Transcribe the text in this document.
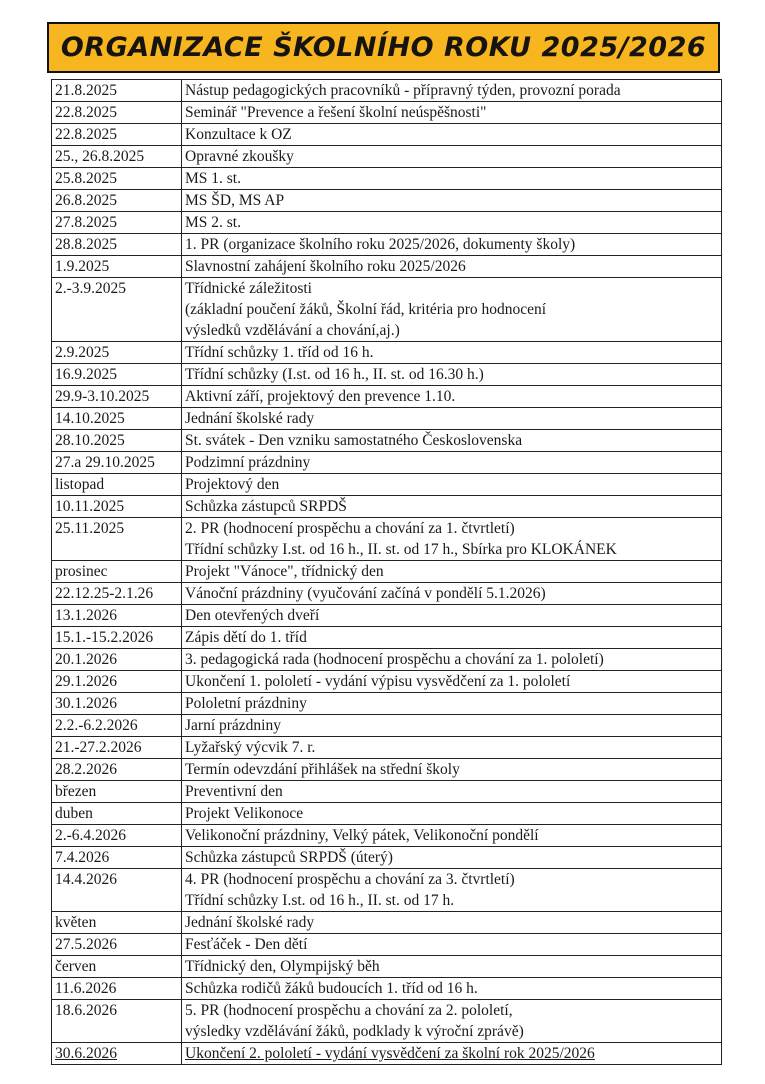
ORGANIZACE ŠKOLNÍHO ROKU 2025/2026
21.8.2025	Nástup pedagogických pracovníků - přípravný týden, provozní porada

22.8.2025	Seminář "Prevence a řešení školní neúspěšnosti"

22.8.2025	Konzultace k OZ

25., 26.8.2025	Opravné zkoušky

25.8.2025	MS 1. st.

26.8.2025	MS ŠD, MS AP

27.8.2025	MS 2. st.

28.8.2025	1. PR (organizace školního roku 2025/2026, dokumenty školy)

1.9.2025	Slavnostní zahájení školního roku 2025/2026

2.-3.9.2025	Třídnické záležitosti
(základní poučení žáků, Školní řád, kritéria pro hodnocení
výsledků vzdělávání a chování,aj.)

2.9.2025	Třídní schůzky 1. tříd od 16 h.

16.9.2025	Třídní schůzky (I.st. od 16 h., II. st. od 16.30 h.)

29.9-3.10.2025	Aktivní září, projektový den prevence 1.10.

14.10.2025	Jednání školské rady

28.10.2025	St. svátek - Den vzniku samostatného Československa

27.a 29.10.2025	Podzimní prázdniny

listopad	Projektový den

10.11.2025	Schůzka zástupců SRPDŠ

25.11.2025	2. PR (hodnocení prospěchu a chování za 1. čtvrtletí)
Třídní schůzky I.st. od 16 h., II. st. od 17 h., Sbírka pro KLOKÁNEK

prosinec	Projekt "Vánoce", třídnický den

22.12.25-2.1.26	Vánoční prázdniny (vyučování začíná v pondělí 5.1.2026)

13.1.2026	Den otevřených dveří

15.1.-15.2.2026	Zápis dětí do 1. tříd

20.1.2026	3. pedagogická rada (hodnocení prospěchu a chování za 1. pololetí)

29.1.2026	Ukončení 1. pololetí - vydání výpisu vysvědčení za 1. pololetí

30.1.2026	Pololetní prázdniny

2.2.-6.2.2026	Jarní prázdniny

21.-27.2.2026	Lyžařský výcvik 7. r.

28.2.2026	Termín odevzdání přihlášek na střední školy

březen	Preventivní den

duben	Projekt Velikonoce

2.-6.4.2026	Velikonoční prázdniny, Velký pátek, Velikonoční pondělí

7.4.2026	Schůzka zástupců SRPDŠ (úterý)

14.4.2026	4. PR (hodnocení prospěchu a chování za 3. čtvrtletí)
Třídní schůzky I.st. od 16 h., II. st. od 17 h.

květen	Jednání školské rady

27.5.2026	Fesťáček - Den dětí

červen	Třídnický den, Olympijský běh

11.6.2026	Schůzka rodičů žáků budoucích 1. tříd od 16 h.

18.6.2026	5. PR (hodnocení prospěchu a chování za 2. pololetí,
výsledky vzdělávání žáků, podklady k výroční zprávě)

30.6.2026	Ukončení 2. pololetí - vydání vysvědčení za školní rok 2025/2026
